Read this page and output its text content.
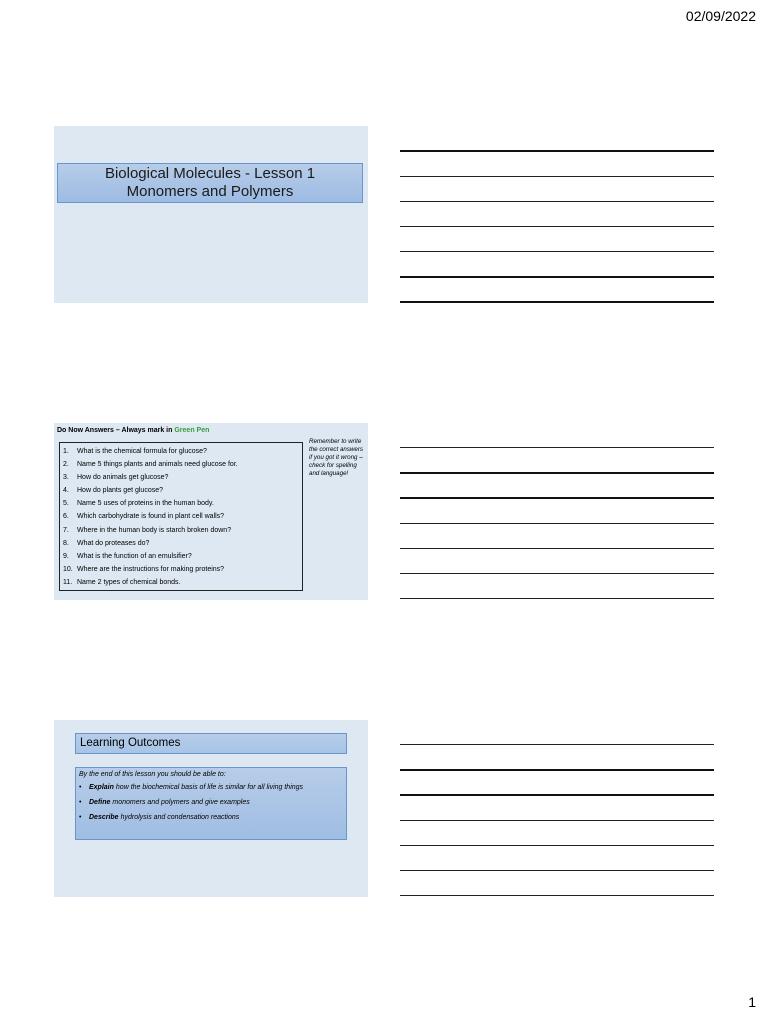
02/09/2022
Biological Molecules - Lesson 1
Monomers and Polymers
Do Now Answers – Always mark in Green Pen
1.	What is the chemical formula for glucose?
2.	Name 5 things plants and animals need glucose for.
3.	How do animals get glucose?
4.	How do plants get glucose?
5.	Name 5 uses of proteins in the human body.
6.	Which carbohydrate is found in plant cell walls?
7.	Where in the human body is starch broken down?
8.	What do proteases do?
9.	What is the function of an emulsifier?
10. Where are the instructions for making proteins?
11. Name 2 types of chemical bonds.
Remember to write the correct answers if you got it wrong – check for spelling and language!
Learning Outcomes
By the end of this lesson you should be able to:
•	Explain how the biochemical basis of life is similar for all living things
•	Define monomers and polymers and give examples
•	Describe hydrolysis and condensation reactions
1
